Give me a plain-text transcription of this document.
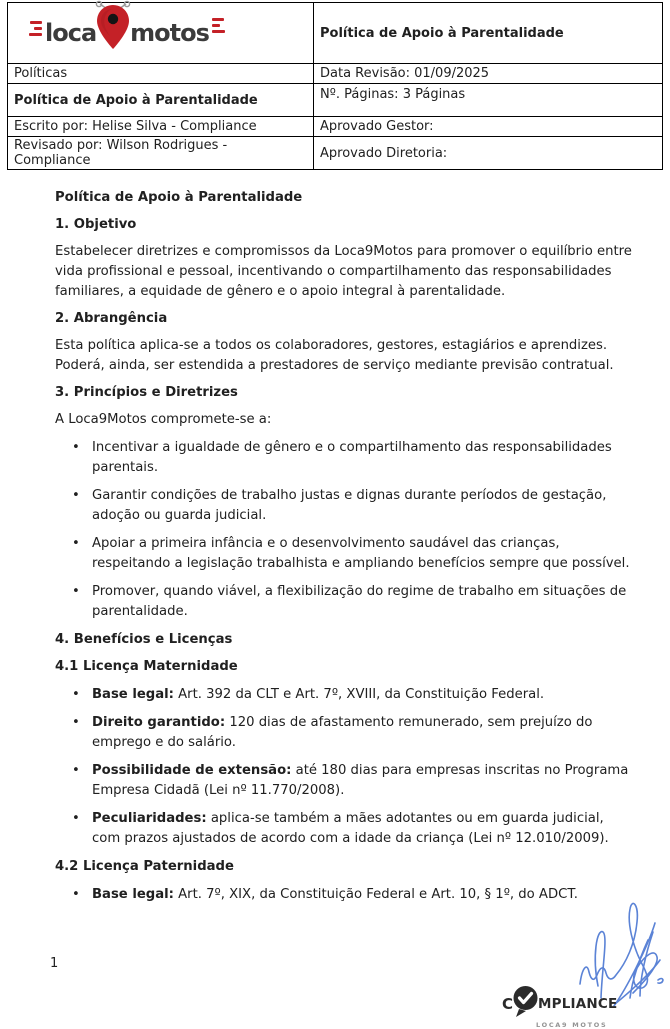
loca motos	Política de Apoio à Parentalidade
Políticas	Data Revisão: 01/09/2025
Política de Apoio à Parentalidade	Nº. Páginas: 3 Páginas
Escrito por: Helise Silva - Compliance	Aprovado Gestor:
Revisado por: Wilson Rodrigues - Compliance	Aprovado Diretoria:
Política de Apoio à Parentalidade
1. Objetivo

Estabelecer diretrizes e compromissos da Loca9Motos para promover o equilíbrio entre vida profissional e pessoal, incentivando o compartilhamento das responsabilidades familiares, a equidade de gênero e o apoio integral à parentalidade.

2. Abrangência

Esta política aplica-se a todos os colaboradores, gestores, estagiários e aprendizes. Poderá, ainda, ser estendida a prestadores de serviço mediante previsão contratual.

3. Princípios e Diretrizes

A Loca9Motos compromete-se a:

• Incentivar a igualdade de gênero e o compartilhamento das responsabilidades parentais.
• Garantir condições de trabalho justas e dignas durante períodos de gestação, adoção ou guarda judicial.
• Apoiar a primeira infância e o desenvolvimento saudável das crianças, respeitando a legislação trabalhista e ampliando benefícios sempre que possível.
• Promover, quando viável, a flexibilização do regime de trabalho em situações de parentalidade.
4. Benefícios e Licenças
4.1 Licença Maternidade
• Base legal: Art. 392 da CLT e Art. 7º, XVIII, da Constituição Federal.
• Direito garantido: 120 dias de afastamento remunerado, sem prejuízo do emprego e do salário.
• Possibilidade de extensão: até 180 dias para empresas inscritas no Programa Empresa Cidadã (Lei nº 11.770/2008).
• Peculiaridades: aplica-se também a mães adotantes ou em guarda judicial, com prazos ajustados de acordo com a idade da criança (Lei nº 12.010/2009).
4.2 Licença Paternidade
• Base legal: Art. 7º, XIX, da Constituição Federal e Art. 10, § 1º, do ADCT.
1
C MPLIANCE
LOCA9 MOTOS
